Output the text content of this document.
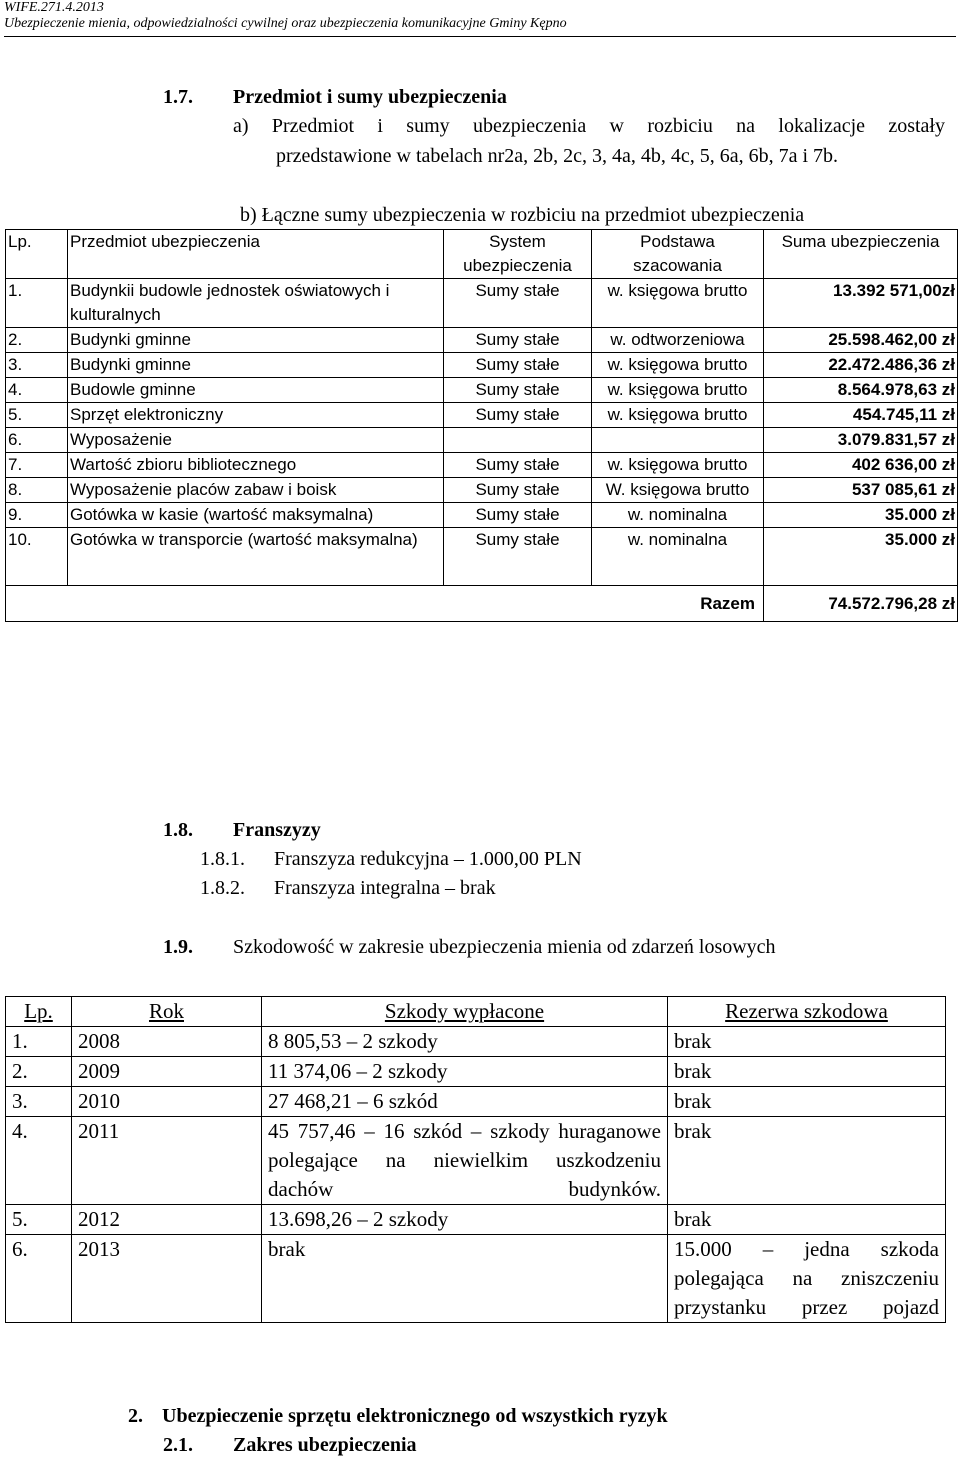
WIFE.271.4.2013
Ubezpieczenie mienia, odpowiedzialności cywilnej oraz ubezpieczenia komunikacyjne Gminy Kępno
1.7. Przedmiot i sumy ubezpieczenia
a) Przedmiot i sumy ubezpieczenia w rozbiciu na lokalizacje zostały
przedstawione w tabelach nr2a, 2b, 2c, 3, 4a, 4b, 4c, 5, 6a, 6b, 7a i 7b.
b) Łączne sumy ubezpieczenia w rozbiciu na przedmiot ubezpieczenia
Lp.	Przedmiot ubezpieczenia	System ubezpieczenia	Podstawa szacowania	Suma ubezpieczenia
1.	Budynkii budowle jednostek oświatowych i kulturalnych	Sumy stałe	w. księgowa brutto	13.392 571,00zł
2.	Budynki gminne	Sumy stałe	w. odtworzeniowa	25.598.462,00 zł
3.	Budynki gminne	Sumy stałe	w. księgowa brutto	22.472.486,36 zł
4.	Budowle gminne	Sumy stałe	w. księgowa brutto	8.564.978,63 zł
5.	Sprzęt elektroniczny	Sumy stałe	w. księgowa brutto	454.745,11 zł
6.	Wyposażenie			3.079.831,57 zł
7.	Wartość zbioru bibliotecznego	Sumy stałe	w. księgowa brutto	402 636,00 zł
8.	Wyposażenie placów zabaw i boisk	Sumy stałe	W. księgowa brutto	537 085,61 zł
9.	Gotówka w kasie (wartość maksymalna)	Sumy stałe	w. nominalna	35.000 zł
10.	Gotówka w transporcie (wartość maksymalna)	Sumy stałe	w. nominalna	35.000 zł
Razem				74.572.796,28 zł
1.8. Franszyzy
1.8.1. Franszyza redukcyjna – 1.000,00 PLN
1.8.2. Franszyza integralna – brak
1.9. Szkodowość w zakresie ubezpieczenia mienia od zdarzeń losowych
Lp.	Rok	Szkody wypłacone	Rezerwa szkodowa
1.	2008	8 805,53 – 2 szkody	brak
2.	2009	11 374,06 – 2 szkody	brak
3.	2010	27 468,21 – 6 szkód	brak
4.	2011	45 757,46 – 16 szkód – szkody huraganowe polegające na niewielkim uszkodzeniu dachów budynków.	brak
5.	2012	13.698,26 – 2 szkody	brak
6.	2013	brak	15.000 – jedna szkoda polegająca na zniszczeniu przystanku przez pojazd
2. Ubezpieczenie sprzętu elektronicznego od wszystkich ryzyk
2.1. Zakres ubezpieczenia
